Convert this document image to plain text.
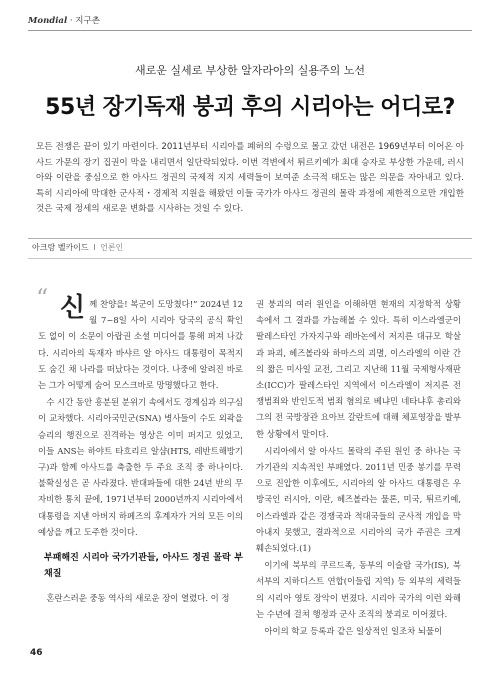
Mondial · 지구촌
새로운 실세로 부상한 알자라아의 실용주의 노선
55년 장기독재 붕괴 후의 시리아는 어디로?
모든 전쟁은 끝이 있기 마련이다. 2011년부터 시리아를 폐허의 수렁으로 몰고 갔던 내전은 1969년부터 이어온 아사드 가문의 장기 집권이 막을 내리면서 일단락되었다. 이번 격변에서 튀르키예가 최대 승자로 부상한 가운데, 러시아와 이란을 중심으로 한 아사드 정권의 국제적 지지 세력들이 보여준 소극적 태도는 많은 의문을 자아내고 있다. 특히 시리아에 막대한 군사적・경제적 지원을 해왔던 이들 국가가 아사드 정권의 몰락 과정에 제한적으로만 개입한 것은 국제 정세의 새로운 변화를 시사하는 것일 수 있다.
아크람 벨카이드 I 언론인
“ 신 께 찬양을! 복군이 도망쳤다!” 2024년 12월 7~8일 사이 시리아 당국의 공식 확인도 없이 이 소문이 아랍권 소셜 미디어를 통해 퍼져 나갔다. 시리아의 독재자 바샤르 알 아사드 대통령이 목적지도 숨긴 채 나라를 떠났다는 것이다. 나중에 알려진 바로는 그가 어떻게 숨어 모스크바로 망명했다고 한다.

수 시간 동안 흥분된 분위기 속에서도 경계심과 의구심이 교차했다. 시리아국민군(SNA) 병사들이 수도 외곽을 승리의 행진으로 진격하는 영상은 이미 퍼지고 있었고, 이들 ANS는 하야트 타흐리르 알샴(HTS, 레반트해방기구)과 함께 아사드를 축출한 두 주요 조직 중 하나이다. 불확실성은 곧 사라졌다. 반대파들에 대한 24년 반의 무자비한 통치 끝에, 1971년부터 2000년까지 시리아에서 대통령을 지낸 아버지 하페즈의 후계자가 거의 모든 이의 예상을 깨고 도주한 것이다.

부패해진 시리아 국가기관들, 아사드 정권 몰락 부채질

혼란스러운 중동 역사의 새로운 장이 열렸다. 이 정

권 붕괴의 여러 원인을 이해하면 현재의 지정학적 상황 속에서 그 결과를 가늠해볼 수 있다. 특히 이스라엘군이 팔레스타인 가자지구와 레바논에서 저지른 대규모 학살과 파괴, 헤즈볼라와 하마스의 괴멸, 이스라엘의 이란 간의 짧은 미사일 교전, 그리고 지난해 11월 국제형사재판소(ICC)가 팔레스타인 지역에서 이스라엘이 저지른 전쟁범죄와 반인도적 범죄 혐의로 베냐민 네타냐후 총리와 그의 전 국방장관 요아브 갈란트에 대해 체포영장을 발부한 상황에서 말이다.

시리아에서 알 아사드 몰락의 주된 원인 중 하나는 국가기관의 지속적인 부패였다. 2011년 민중 봉기를 무력으로 진압한 이후에도, 시리아의 알 아사드 대통령은 우방국인 러시아, 이란, 헤즈볼라는 물론, 미국, 튀르키예, 이스라엘과 같은 경쟁국과 적대국들의 군사적 개입을 막아내지 못했고, 결과적으로 시리아의 국가 주권은 크게 훼손되었다.(1)

이기에 북부의 쿠르드족, 동부의 이슬람 국가(IS), 북서부의 지하디스트 연합(이들립 지역) 등 외부의 세력들의 시리아 영토 장악이 번졌다. 시리아 국가의 이런 와해는 수년에 걸쳐 행정과 군사 조직의 붕괴로 이어졌다.

아이의 학교 등록과 같은 일상적인 일조차 뇌물이

46
